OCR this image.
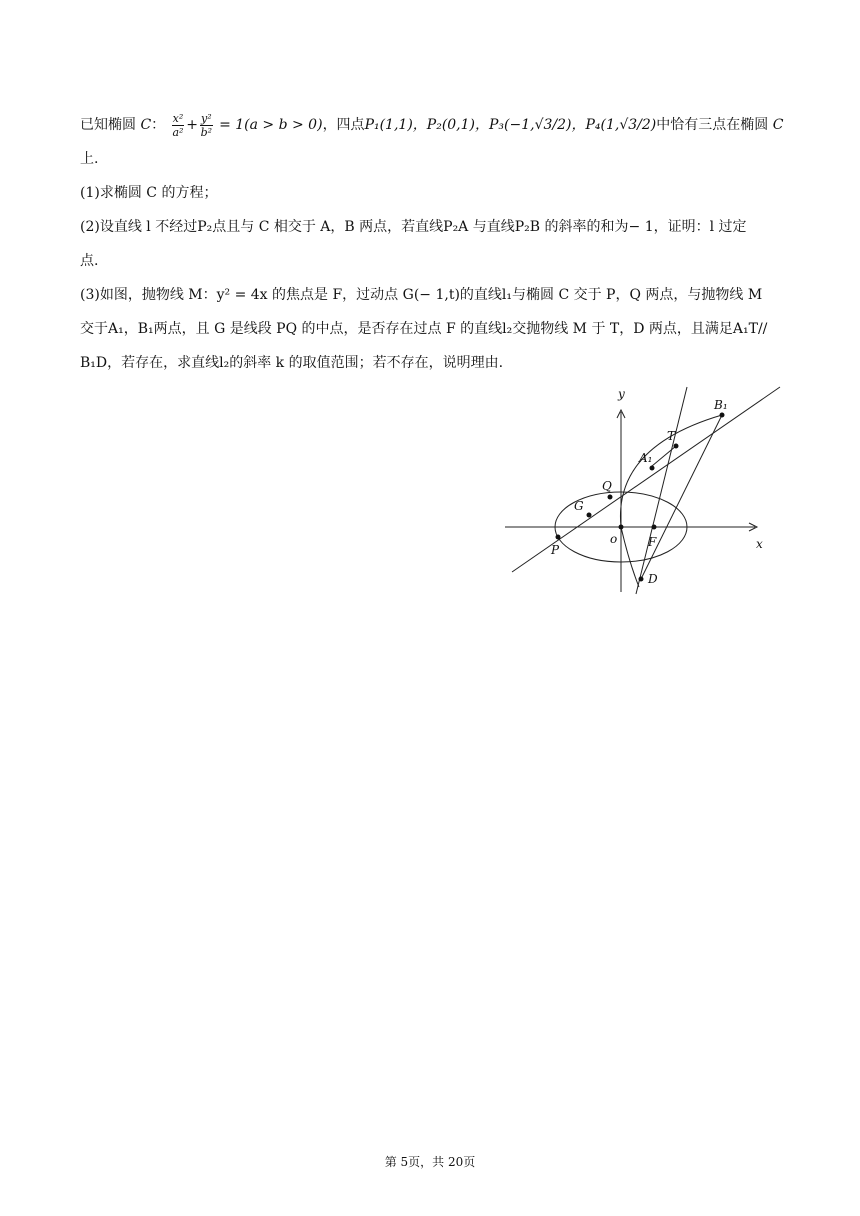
已知椭圆 C： $\frac{\text{x²}}{\text{a²}} + \frac{\text{y²}}{\text{b²}} = 1(a > b > 0)$，四点P₁(1,1)，P₂(0,1)，P₃(−1,√3/2)，P₄(1,√3/2)中恰有三点在椭圆 C
上.
(1)求椭圆 C 的方程；
(2)设直线 l 不经过P₂点且与 C 相交于 A，B 两点，若直线P₂A 与直线P₂B 的斜率的和为− 1，证明：l 过定
点.
(3)如图，抛物线 M：y² = 4x 的焦点是 F，过动点 G(− 1,t)的直线l₁与椭圆 C 交于 P，Q 两点，与抛物线 M
交于A₁，B₁两点，且 G 是线段 PQ 的中点，是否存在过点 F 的直线l₂交抛物线 M 于 T，D 两点，且满足A₁T//
B₁D，若存在，求直线l₂的斜率 k 的取值范围；若不存在，说明理由.
x
y
o
P
G
Q
F
D
A₁
T
B₁
第 5页，共 20页
